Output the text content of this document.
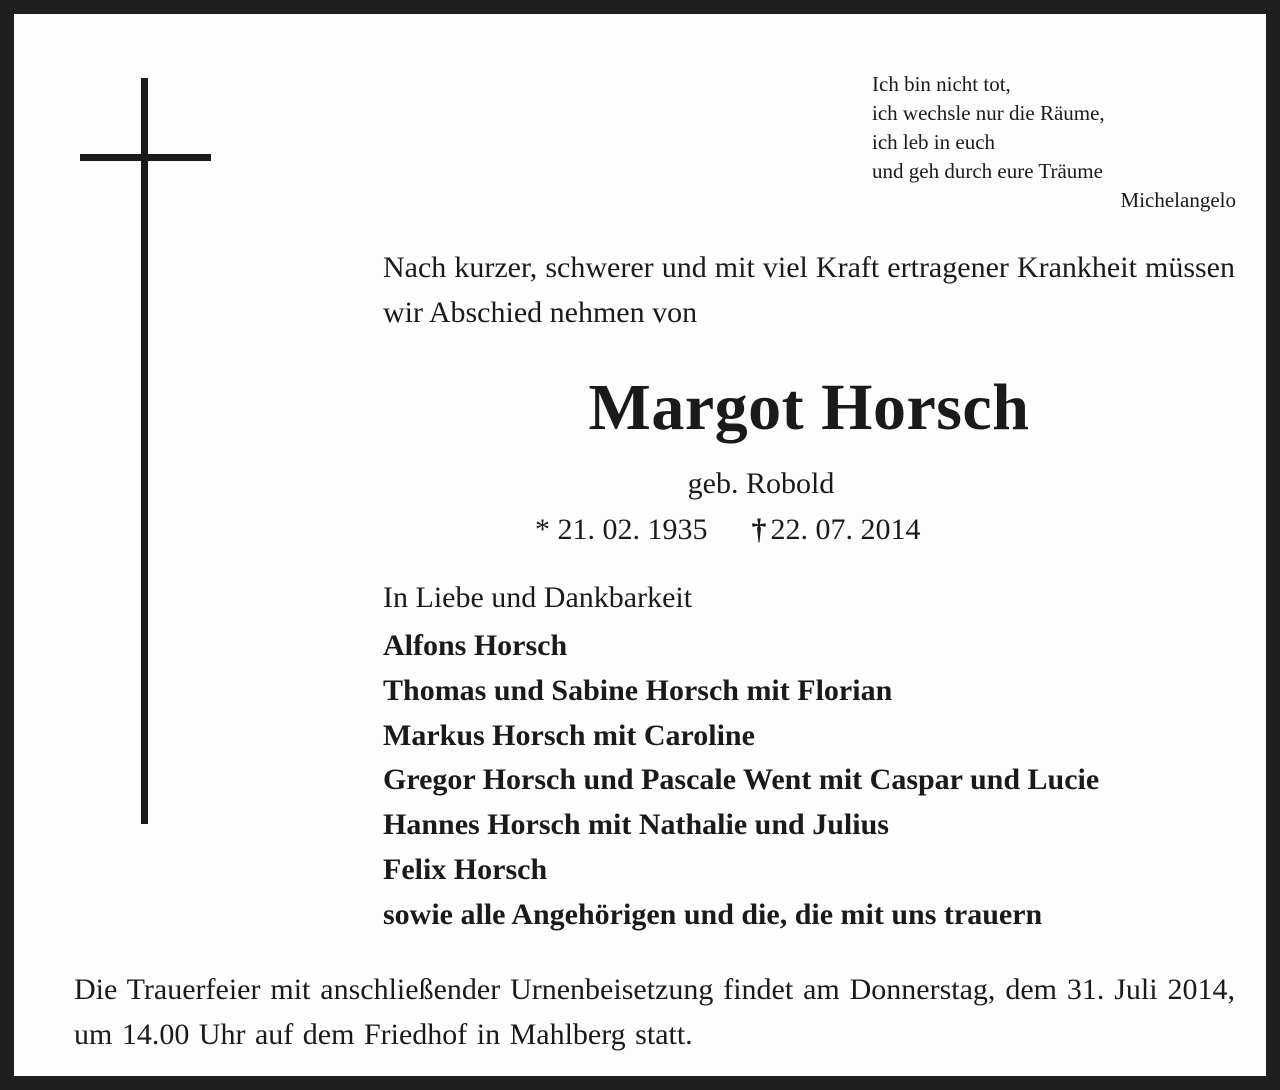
Ich bin nicht tot,
ich wechsle nur die Räume,
ich leb in euch
und geh durch eure Träume
Michelangelo
Nach kurzer, schwerer und mit viel Kraft ertragener Krankheit müssen wir Abschied nehmen von
Margot Horsch
geb. Robold
* 21. 02. 1935 † 22. 07. 2014
In Liebe und Dankbarkeit
Alfons Horsch
Thomas und Sabine Horsch mit Florian
Markus Horsch mit Caroline
Gregor Horsch und Pascale Went mit Caspar und Lucie
Hannes Horsch mit Nathalie und Julius
Felix Horsch
sowie alle Angehörigen und die, die mit uns trauern
Die Trauerfeier mit anschließender Urnenbeisetzung findet am Donnerstag, dem 31. Juli 2014, um 14.00 Uhr auf dem Friedhof in Mahlberg statt.
